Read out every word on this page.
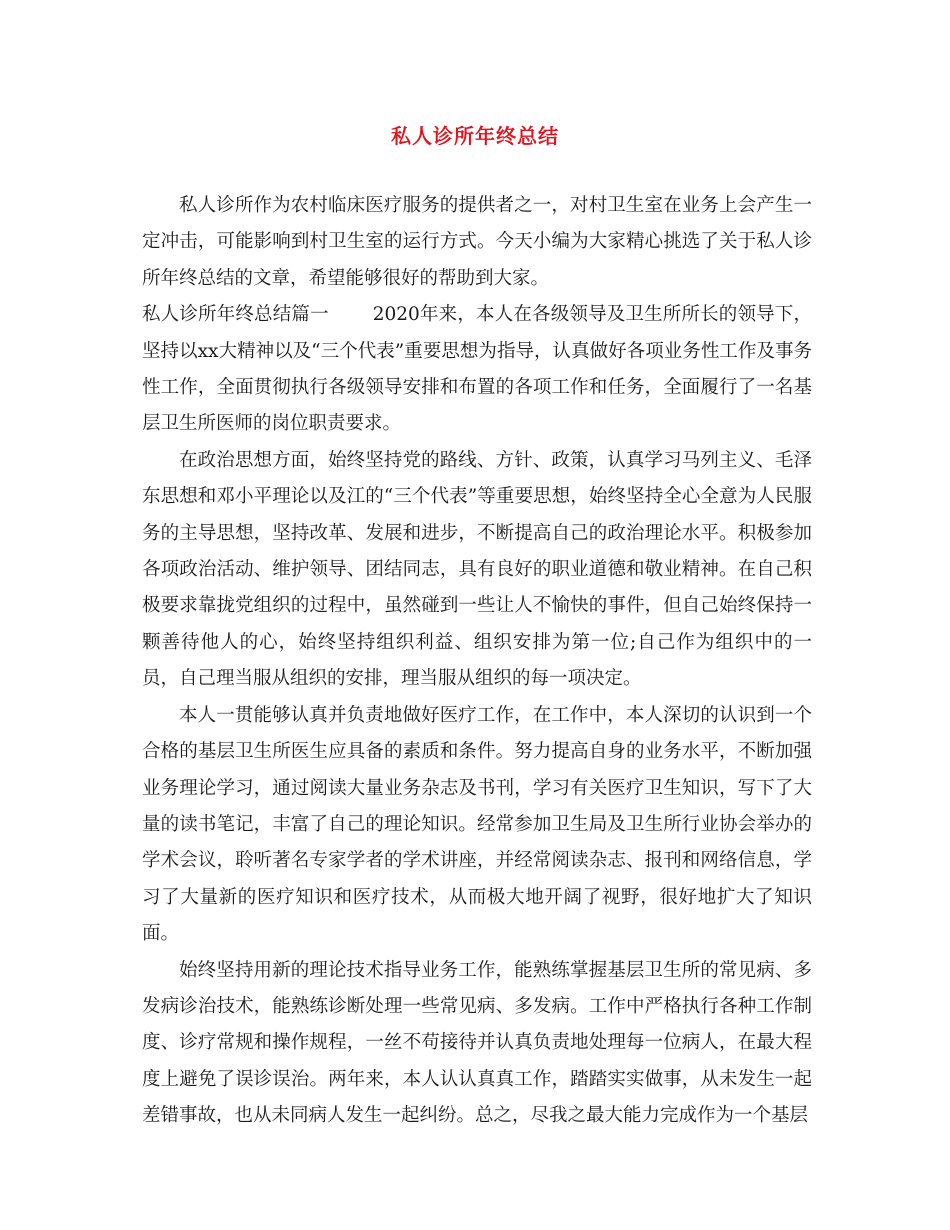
私人诊所年终总结

私人诊所作为农村临床医疗服务的提供者之一，对村卫生室在业务上会产生一定冲击，可能影响到村卫生室的运行方式。今天小编为大家精心挑选了关于私人诊所年终总结的文章，希望能够很好的帮助到大家。

私人诊所年终总结篇一 2020年来，本人在各级领导及卫生所所长的领导下，坚持以xx大精神以及“三个代表”重要思想为指导，认真做好各项业务性工作及事务性工作，全面贯彻执行各级领导安排和布置的各项工作和任务，全面履行了一名基层卫生所医师的岗位职责要求。

在政治思想方面，始终坚持党的路线、方针、政策，认真学习马列主义、毛泽东思想和邓小平理论以及江的“三个代表”等重要思想，始终坚持全心全意为人民服务的主导思想，坚持改革、发展和进步，不断提高自己的政治理论水平。积极参加各项政治活动、维护领导、团结同志，具有良好的职业道德和敬业精神。在自己积极要求靠拢党组织的过程中，虽然碰到一些让人不愉快的事件，但自己始终保持一颗善待他人的心，始终坚持组织利益、组织安排为第一位;自己作为组织中的一员，自己理当服从组织的安排，理当服从组织的每一项决定。

本人一贯能够认真并负责地做好医疗工作，在工作中，本人深切的认识到一个合格的基层卫生所医生应具备的素质和条件。努力提高自身的业务水平，不断加强业务理论学习，通过阅读大量业务杂志及书刊，学习有关医疗卫生知识，写下了大量的读书笔记，丰富了自己的理论知识。经常参加卫生局及卫生所行业协会举办的学术会议，聆听著名专家学者的学术讲座，并经常阅读杂志、报刊和网络信息，学习了大量新的医疗知识和医疗技术，从而极大地开阔了视野，很好地扩大了知识面。

始终坚持用新的理论技术指导业务工作，能熟练掌握基层卫生所的常见病、多发病诊治技术，能熟练诊断处理一些常见病、多发病。工作中严格执行各种工作制度、诊疗常规和操作规程，一丝不苟接待并认真负责地处理每一位病人，在最大程度上避免了误诊误治。两年来，本人认认真真工作，踏踏实实做事，从未发生一起差错事故，也从未同病人发生一起纠纷。总之，尽我之最大能力完成作为一个基层
